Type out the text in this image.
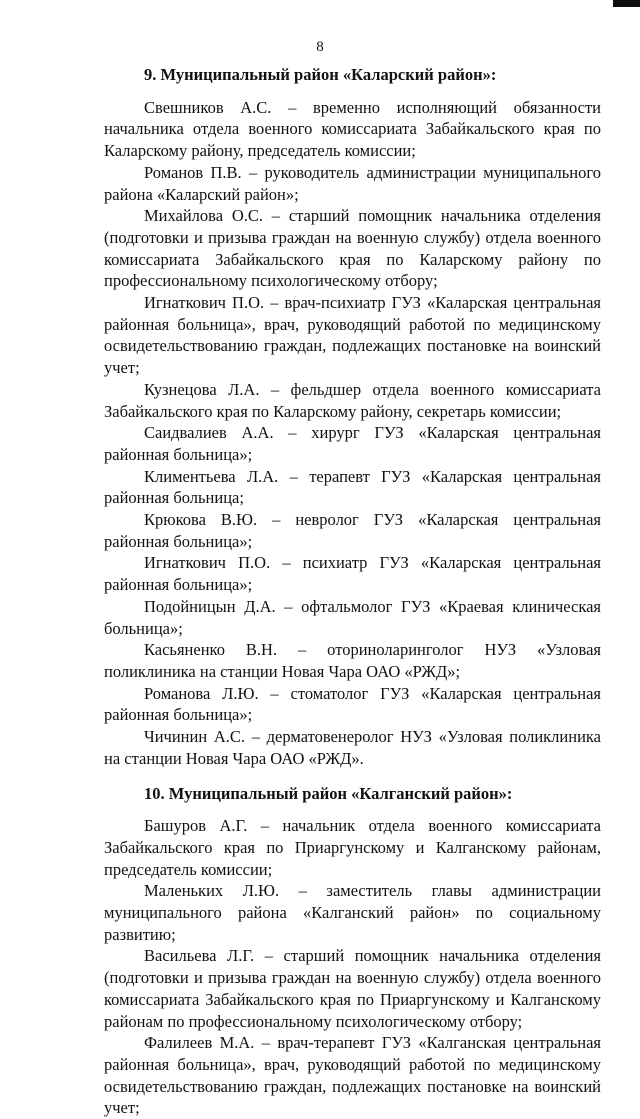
8

9. Муниципальный район «Каларский район»:

Свешников А.С. – временно исполняющий обязанности начальника отдела военного комиссариата Забайкальского края по Каларскому району, председатель комиссии;

Романов П.В. – руководитель администрации муниципального района «Каларский район»;

Михайлова О.С. – старший помощник начальника отделения (подготовки и призыва граждан на военную службу) отдела военного комиссариата Забайкальского края по Каларскому району по профессиональному психологическому отбору;

Игнаткович П.О. – врач-психиатр ГУЗ «Каларская центральная районная больница», врач, руководящий работой по медицинскому освидетельствованию граждан, подлежащих постановке на воинский учет;

Кузнецова Л.А. – фельдшер отдела военного комиссариата Забайкальского края по Каларскому району, секретарь комиссии;

Саидвалиев А.А. – хирург ГУЗ «Каларская центральная районная больница»;

Климентьева Л.А. – терапевт ГУЗ «Каларская центральная районная больница;

Крюкова В.Ю. – невролог ГУЗ «Каларская центральная районная больница»;

Игнаткович П.О. – психиатр ГУЗ «Каларская центральная районная больница»;

Подойницын Д.А. – офтальмолог ГУЗ «Краевая клиническая больница»;

Касьяненко В.Н. – оториноларинголог НУЗ «Узловая поликлиника на станции Новая Чара ОАО «РЖД»;

Романова Л.Ю. – стоматолог ГУЗ «Каларская центральная районная больница»;

Чичинин А.С. – дерматовенеролог НУЗ «Узловая поликлиника на станции Новая Чара ОАО «РЖД».

10. Муниципальный район «Калганский район»:

Башуров А.Г. – начальник отдела военного комиссариата Забайкальского края по Приаргунскому и Калганскому районам, председатель комиссии;

Маленьких Л.Ю. – заместитель главы администрации муниципального района «Калганский район» по социальному развитию;

Васильева Л.Г. – старший помощник начальника отделения (подготовки и призыва граждан на военную службу) отдела военного комиссариата Забайкальского края по Приаргунскому и Калганскому районам по профессиональному психологическому отбору;

Фалилеев М.А. – врач-терапевт ГУЗ «Калганская центральная районная больница», врач, руководящий работой по медицинскому освидетельствованию граждан, подлежащих постановке на воинский учет;
